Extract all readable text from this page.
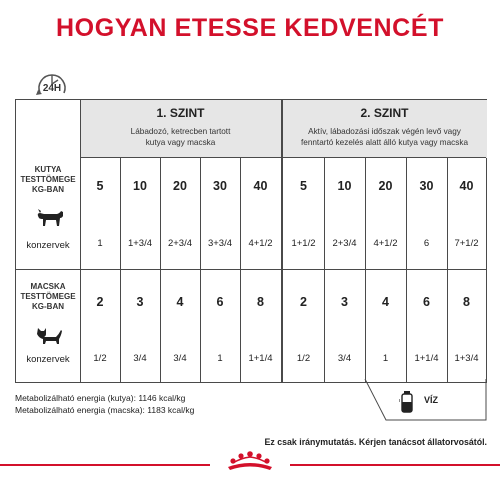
HOGYAN ETESSE KEDVENCÉT
24H
1. SZINT
Lábadozó, ketrecben tartott
kutya vagy macska
2. SZINT
Aktív, lábadozási időszak végén levő vagy
fenntartó kezelés alatt álló kutya vagy macska
KUTYA
TESTTÖMEGE
KG-BAN
konzervek
MACSKA
TESTTÖMEGE
KG-BAN
konzervek
5	10	20	30	40	5	10	20	30	40
1	1+3/4	2+3/4	3+3/4	4+1/2	1+1/2	2+3/4	4+1/2	6	7+1/2
2	3	4	6	8	2	3	4	6	8
1/2	3/4	3/4	1	1+1/4	1/2	3/4	1	1+1/4	1+3/4
Metabolizálható energia (kutya): 1146 kcal/kg
Metabolizálható energia (macska): 1183 kcal/kg
VÍZ
Ez csak iránymutatás. Kérjen tanácsot állatorvosától.
